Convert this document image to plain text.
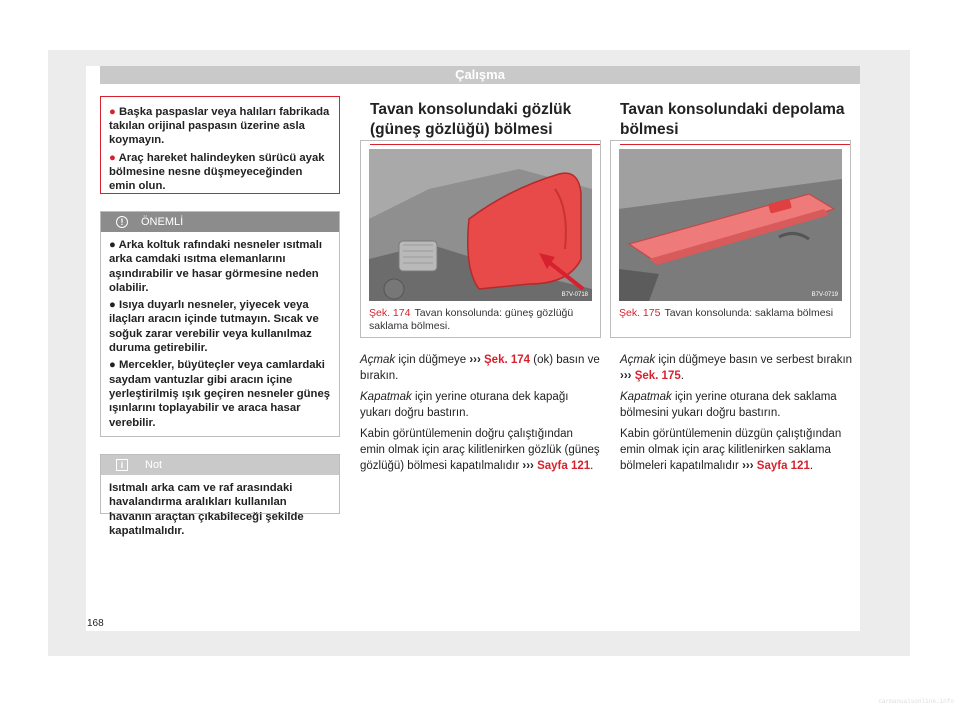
Çalışma

● Başka paspaslar veya halıları fabrikada takılan orijinal paspasın üzerine asla koymayın.

● Araç hareket halindeyken sürücü ayak bölmesine nesne düşmeyeceğinden emin olun.

!	ÖNEMLİ

● Arka koltuk rafındaki nesneler ısıtmalı arka camdaki ısıtma elemanlarını aşındırabilir ve hasar görmesine neden olabilir.

● Isıya duyarlı nesneler, yiyecek veya ilaçları aracın içinde tutmayın. Sıcak ve soğuk zarar verebilir veya kullanılmaz duruma getirebilir.

● Mercekler, büyüteçler veya camlardaki saydam vantuzlar gibi aracın içine yerleştirilmiş ışık geçiren nesneler güneş ışınlarını toplayabilir ve araca hasar verebilir.

i	Not
Isıtmalı arka cam ve raf arasındaki havalandırma aralıkları kullanılan havanın araçtan çıkabileceği şekilde kapatılmalıdır.
Tavan konsolundaki gözlük (güneş gözlüğü) bölmesi
B7V-0718
Şek. 174 Tavan konsolunda: güneş gözlüğü saklama bölmesi.

Açmak için düğmeye ››› Şek. 174 (ok) basın ve bırakın.

Kapatmak için yerine oturana dek kapağı yukarı doğru bastırın.

Kabin görüntülemenin doğru çalıştığından emin olmak için araç kilitlenirken gözlük (güneş gözlüğü) bölmesi kapatılmalıdır ››› Sayfa 121.

Tavan konsolundaki depolama bölmesi
B7V-0719
Şek. 175 Tavan konsolunda: saklama bölmesi

Açmak için düğmeye basın ve serbest bırakın ››› Şek. 175.

Kapatmak için yerine oturana dek saklama bölmesini yukarı doğru bastırın.

Kabin görüntülemenin düzgün çalıştığından emin olmak için araç kilitlenirken saklama bölmeleri kapatılmalıdır ››› Sayfa 121.

168
carmanualsonline.info
